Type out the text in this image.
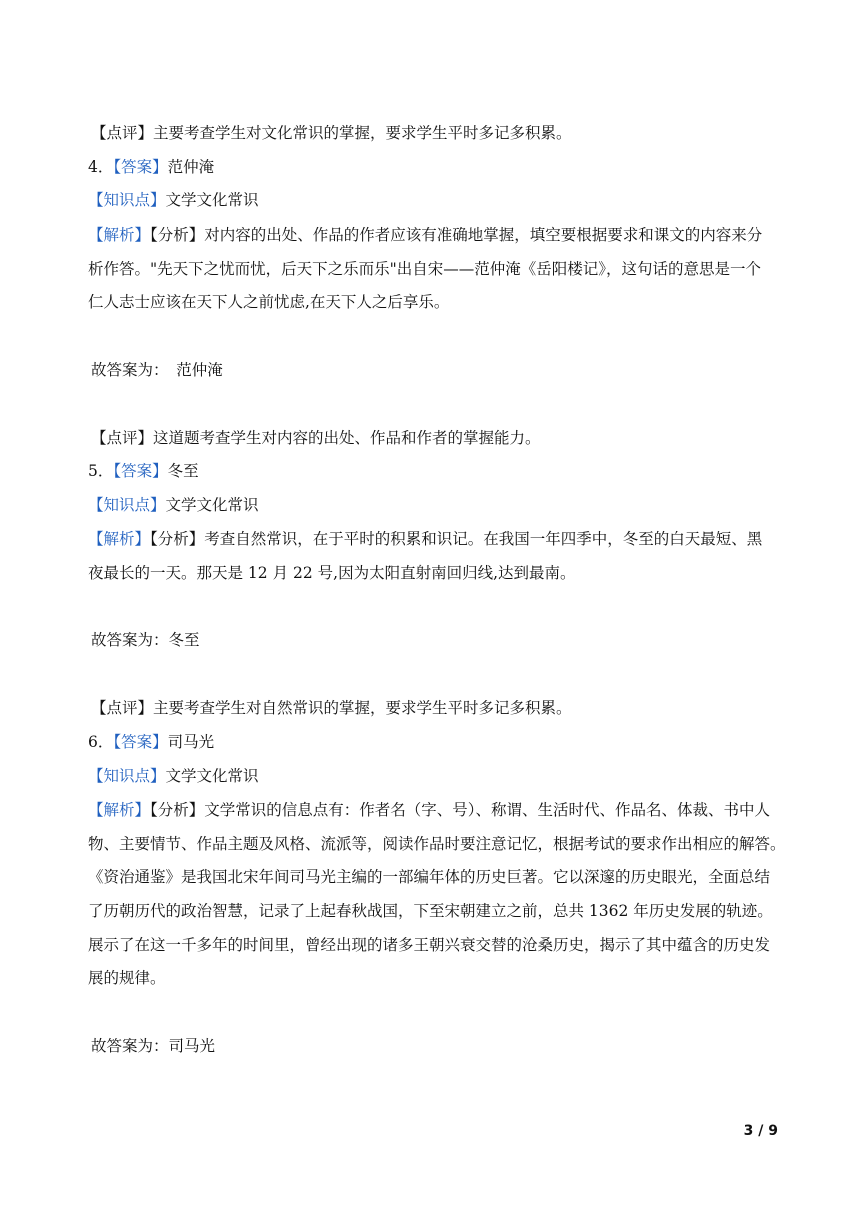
【点评】主要考查学生对文化常识的掌握，要求学生平时多记多积累。
4．【答案】范仲淹
【知识点】文学文化常识
【解析】【分析】对内容的出处、作品的作者应该有准确地掌握，填空要根据要求和课文的内容来分
析作答。"先天下之忧而忧，后天下之乐而乐"出自宋——范仲淹《岳阳楼记》，这句话的意思是一个
仁人志士应该在天下人之前忧虑,在天下人之后享乐。
故答案为：　范仲淹
【点评】这道题考查学生对内容的出处、作品和作者的掌握能力。
5．【答案】冬至
【知识点】文学文化常识
【解析】【分析】考查自然常识，在于平时的积累和识记。在我国一年四季中，冬至的白天最短、黑
夜最长的一天。那天是 12 月 22 号,因为太阳直射南回归线,达到最南。
故答案为：冬至
【点评】主要考查学生对自然常识的掌握，要求学生平时多记多积累。
6．【答案】司马光
【知识点】文学文化常识
【解析】【分析】文学常识的信息点有：作者名（字、号）、称谓、生活时代、作品名、体裁、书中人
物、主要情节、作品主题及风格、流派等，阅读作品时要注意记忆，根据考试的要求作出相应的解答。
《资治通鉴》是我国北宋年间司马光主编的一部编年体的历史巨著。它以深邃的历史眼光，全面总结
了历朝历代的政治智慧，记录了上起春秋战国，下至宋朝建立之前，总共 1362 年历史发展的轨迹。
展示了在这一千多年的时间里，曾经出现的诸多王朝兴衰交替的沧桑历史，揭示了其中蕴含的历史发
展的规律。
故答案为：司马光
3 / 9
